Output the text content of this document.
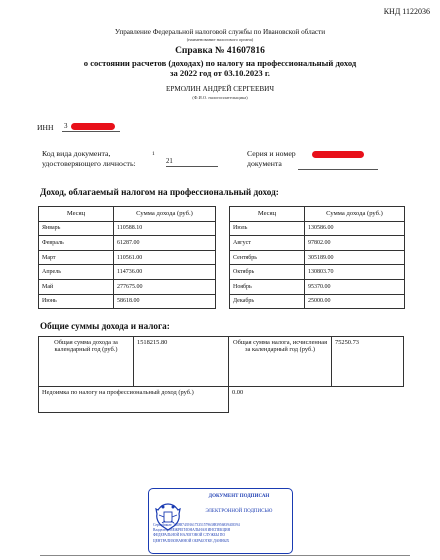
КНД 1122036
Управление Федеральной налоговой службы по Ивановской области
(наименование налогового органа)
Справка № 41607816
о состоянии расчетов (доходах) по налогу на профессиональный доход
за 2022 год от 03.10.2023 г.
ЕРМОЛИН АНДРЕЙ СЕРГЕЕВИЧ
(Ф.И.О. налогоплательщика)
ИНН 3
Код вида документа,
удостоверяющего личность:
1
21
Серия и номер
документа
Доход, облагаемый налогом на профессиональный доход:
Месяц	Сумма дохода (руб.)
Январь	110588.10
Февраль	61287.00
Март	110561.00
Апрель	114736.00
Май	277675.00
Июнь	58618.00
Месяц	Сумма дохода (руб.)
Июль	130586.00
Август	97802.00
Сентябрь	305189.00
Октябрь	130803.70
Ноябрь	95370.00
Декабрь	25000.00
Общие суммы дохода и налога:
Общая сумма дохода за календарный год (руб.)	1518215.80	Общая сумма налога, исчисленная за календарный год (руб.)	75250.73
Недоимка по налогу на профессиональный доход (руб.)		0.00	
ДОКУМЕНТ ПОДПИСАН
ЭЛЕКТРОННОЙ ПОДПИСЬЮ
Сертификат: 3648874391617335157963883956839403594
Владелец: МЕЖРЕГИОНАЛЬНАЯ ИНСПЕКЦИЯ
ФЕДЕРАЛЬНОЙ НАЛОГОВОЙ СЛУЖБЫ ПО
ЦЕНТРАЛИЗОВАННОЙ ОБРАБОТКЕ ДАННЫХ
